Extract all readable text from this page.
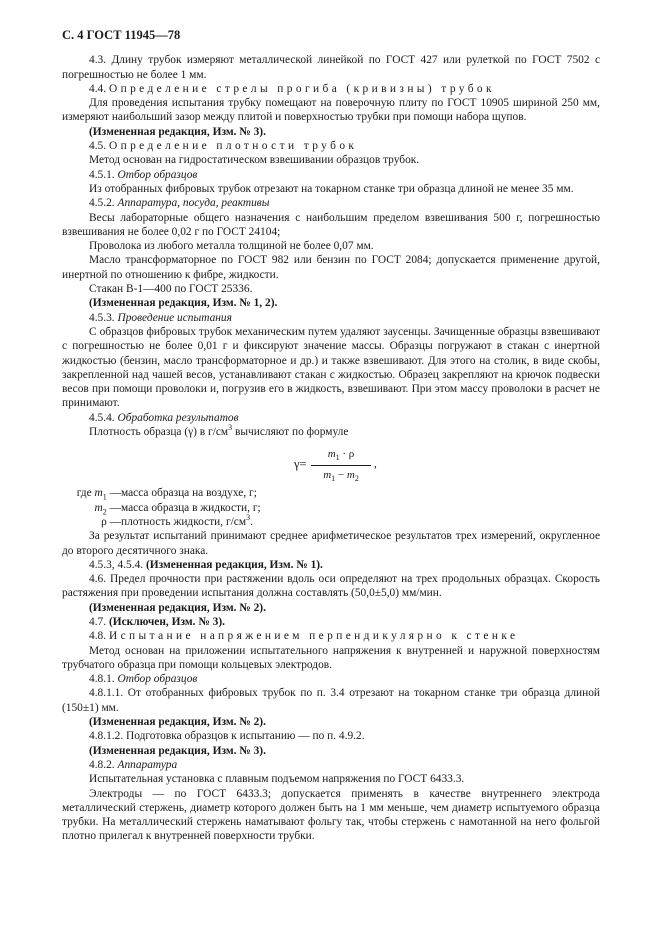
С. 4 ГОСТ 11945—78
4.3. Длину трубок измеряют металлической линейкой по ГОСТ 427 или рулеткой по ГОСТ 7502 с погрешностью не более 1 мм.
4.4. Определение стрелы прогиба (кривизны) трубок
Для проведения испытания трубку помещают на поверочную плиту по ГОСТ 10905 шириной 250 мм, измеряют наибольший зазор между плитой и поверхностью трубки при помощи набора щупов.
(Измененная редакция, Изм. № 3).
4.5. Определение плотности трубок
Метод основан на гидростатическом взвешивании образцов трубок.
4.5.1. Отбор образцов
Из отобранных фибровых трубок отрезают на токарном станке три образца длиной не менее 35 мм.
4.5.2. Аппаратура, посуда, реактивы
Весы лабораторные общего назначения с наибольшим пределом взвешивания 500 г, погрешностью взвешивания не более 0,02 г по ГОСТ 24104;
Проволока из любого металла толщиной не более 0,07 мм.
Масло трансформаторное по ГОСТ 982 или бензин по ГОСТ 2084; допускается применение другой, инертной по отношению к фибре, жидкости.
Стакан В-1—400 по ГОСТ 25336.
(Измененная редакция, Изм. № 1, 2).
4.5.3. Проведение испытания
С образцов фибровых трубок механическим путем удаляют заусенцы. Зачищенные образцы взвешивают с погрешностью не более 0,01 г и фиксируют значение массы. Образцы погружают в стакан с инертной жидкостью (бензин, масло трансформаторное и др.) и также взвешивают. Для этого на столик, в виде скобы, закрепленной над чашей весов, устанавливают стакан с жидкостью. Образец закрепляют на крючок подвески весов при помощи проволоки и, погрузив его в жидкость, взвешивают. При этом массу проволоки в расчет не принимают.
4.5.4. Обработка результатов
Плотность образца (γ) в $г/см^3$ вычисляют по формуле
γ=
$m_1 \cdot \rho$
$m_1 - m_2$
,
где $m_1$ — масса образца на воздухе, г;
$m_2$ — масса образца в жидкости, г;
ρ — плотность жидкости, $г/см^3$.
За результат испытаний принимают среднее арифметическое результатов трех измерений, округленное до второго десятичного знака.
4.5.3, 4.5.4. (Измененная редакция, Изм. № 1).
4.6. Предел прочности при растяжении вдоль оси определяют на трех продольных образцах. Скорость растяжения при проведении испытания должна составлять (50,0±5,0) мм/мин.
(Измененная редакция, Изм. № 2).
4.7. (Исключен, Изм. № 3).
4.8. Испытание напряжением перпендикулярно к стенке
Метод основан на приложении испытательного напряжения к внутренней и наружной поверхностям трубчатого образца при помощи кольцевых электродов.
4.8.1. Отбор образцов
4.8.1.1. От отобранных фибровых трубок по п. 3.4 отрезают на токарном станке три образца длиной (150±1) мм.
(Измененная редакция, Изм. № 2).
4.8.1.2. Подготовка образцов к испытанию — по п. 4.9.2.
(Измененная редакция, Изм. № 3).
4.8.2. Аппаратура
Испытательная установка с плавным подъемом напряжения по ГОСТ 6433.3.
Электроды — по ГОСТ 6433.3; допускается применять в качестве внутреннего электрода металлический стержень, диаметр которого должен быть на 1 мм меньше, чем диаметр испытуемого образца трубки. На металлический стержень наматывают фольгу так, чтобы стержень с намотанной на него фольгой плотно прилегал к внутренней поверхности трубки.
